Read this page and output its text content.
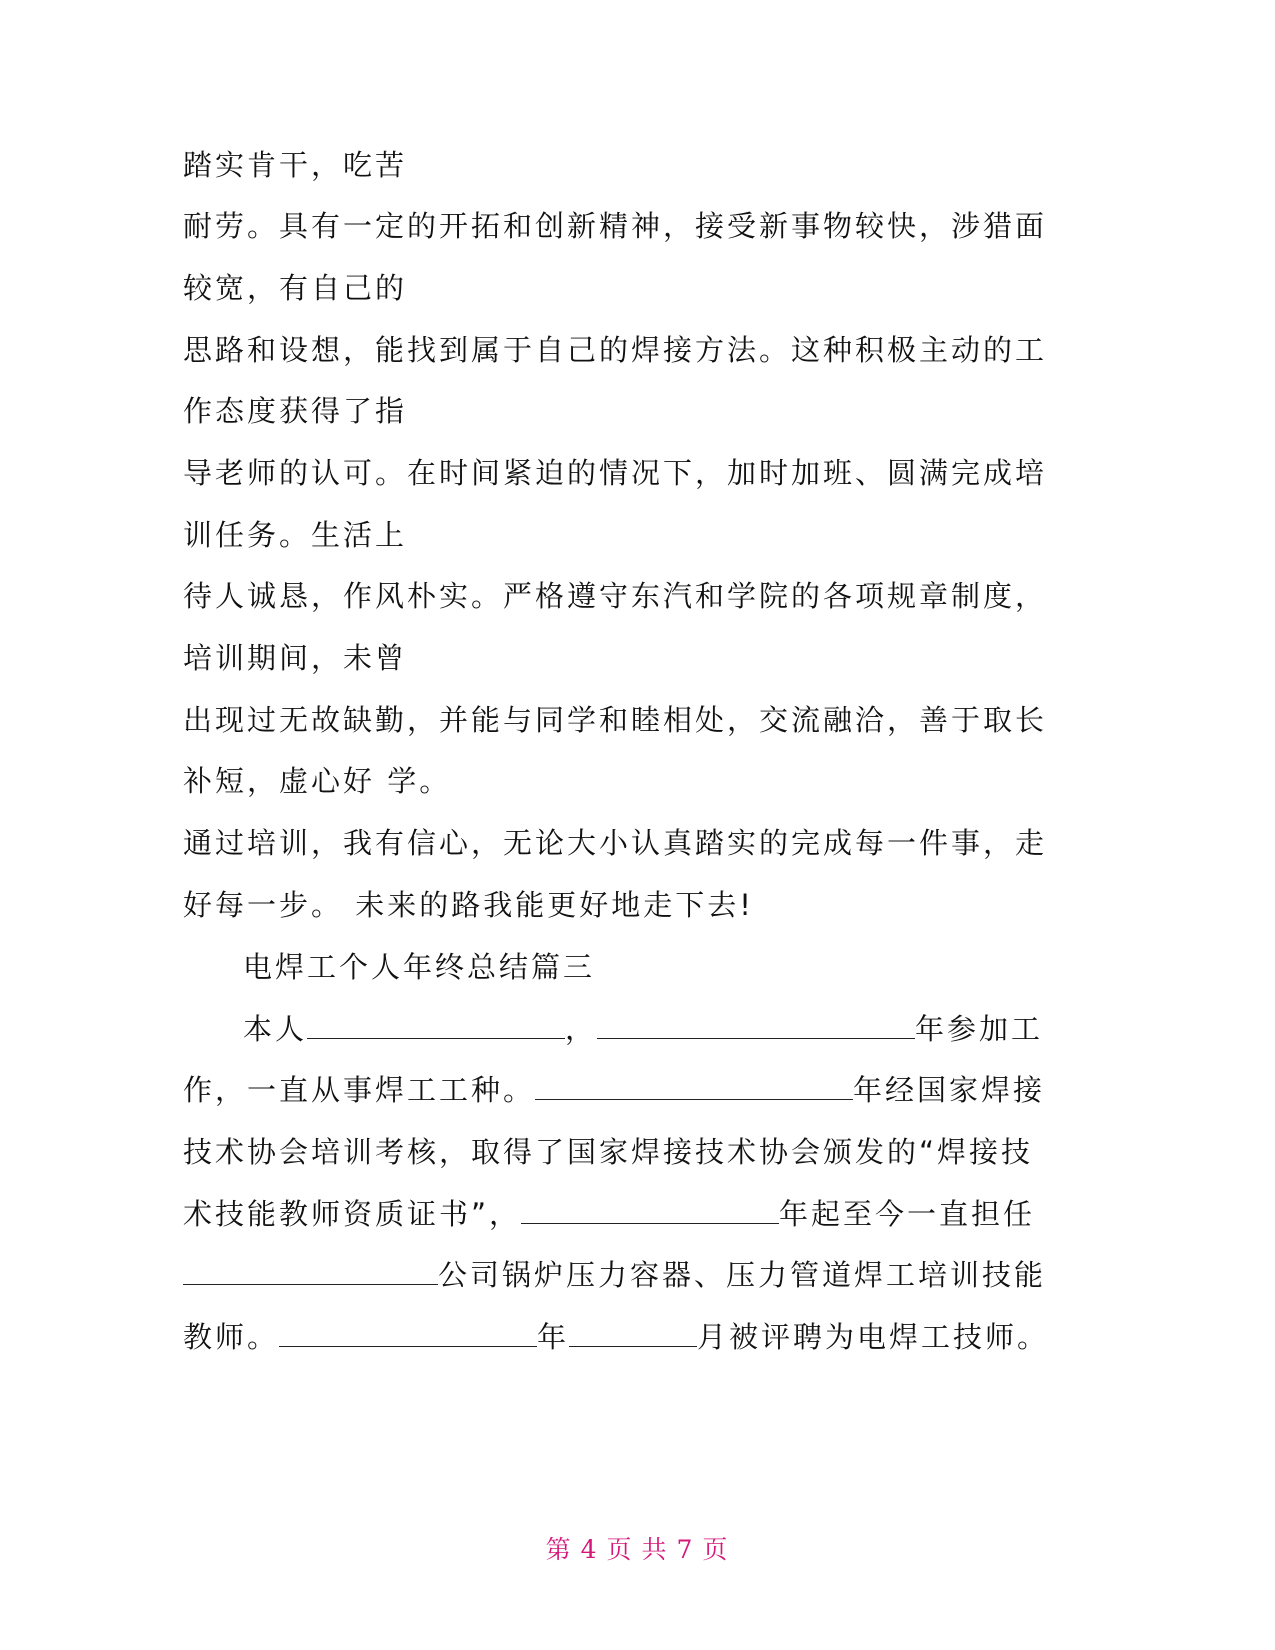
踏实肯干，吃苦
耐劳。具有一定的开拓和创新精神，接受新事物较快，涉猎面
较宽，有自己的
思路和设想，能找到属于自己的焊接方法。这种积极主动的工
作态度获得了指
导老师的认可。在时间紧迫的情况下，加时加班、圆满完成培
训任务。生活上
待人诚恳，作风朴实。严格遵守东汽和学院的各项规章制度，
培训期间，未曾
出现过无故缺勤，并能与同学和睦相处，交流融洽，善于取长
补短，虚心好 学。
通过培训，我有信心，无论大小认真踏实的完成每一件事，走
好每一步。 未来的路我能更好地走下去!
电焊工个人年终总结篇三
本人	，	年参加工
作，一直从事焊工工种。	年经国家焊接
技术协会培训考核，取得了国家焊接技术协会颁发的“焊接技
术技能教师资质证书”，	年起至今一直担任
公司锅炉压力容器、压力管道焊工培训技能
教师。	年	月被评聘为电焊工技师。
第 4 页 共 7 页
